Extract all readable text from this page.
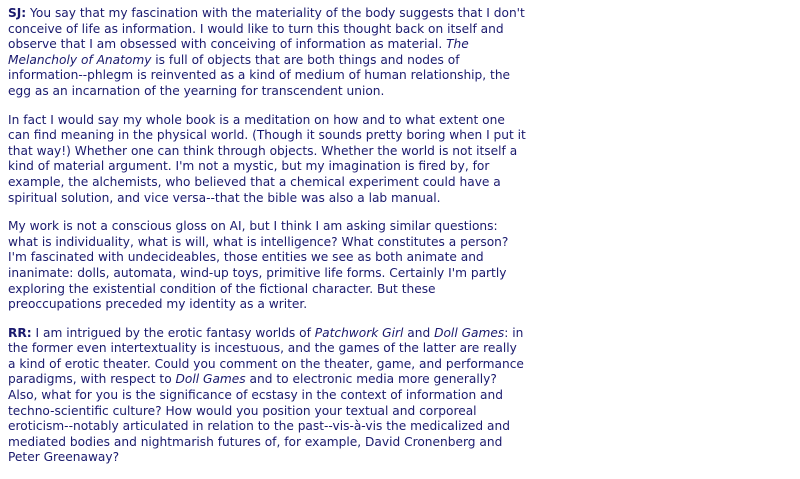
SJ: You say that my fascination with the materiality of the body suggests that I don't conceive of life as information. I would like to turn this thought back on itself and observe that I am obsessed with conceiving of information as material. The Melancholy of Anatomy is full of objects that are both things and nodes of information--phlegm is reinvented as a kind of medium of human relationship, the egg as an incarnation of the yearning for transcendent union.

In fact I would say my whole book is a meditation on how and to what extent one can find meaning in the physical world. (Though it sounds pretty boring when I put it that way!) Whether one can think through objects. Whether the world is not itself a kind of material argument. I'm not a mystic, but my imagination is fired by, for example, the alchemists, who believed that a chemical experiment could have a spiritual solution, and vice versa--that the bible was also a lab manual.

My work is not a conscious gloss on AI, but I think I am asking similar questions: what is individuality, what is will, what is intelligence? What constitutes a person? I'm fascinated with undecideables, those entities we see as both animate and inanimate: dolls, automata, wind-up toys, primitive life forms. Certainly I'm partly exploring the existential condition of the fictional character. But these preoccupations preceded my identity as a writer.

RR: I am intrigued by the erotic fantasy worlds of Patchwork Girl and Doll Games: in the former even intertextuality is incestuous, and the games of the latter are really a kind of erotic theater. Could you comment on the theater, game, and performance paradigms, with respect to Doll Games and to electronic media more generally? Also, what for you is the significance of ecstasy in the context of information and techno-scientific culture? How would you position your textual and corporeal eroticism--notably articulated in relation to the past--vis-à-vis the medicalized and mediated bodies and nightmarish futures of, for example, David Cronenberg and Peter Greenaway?
